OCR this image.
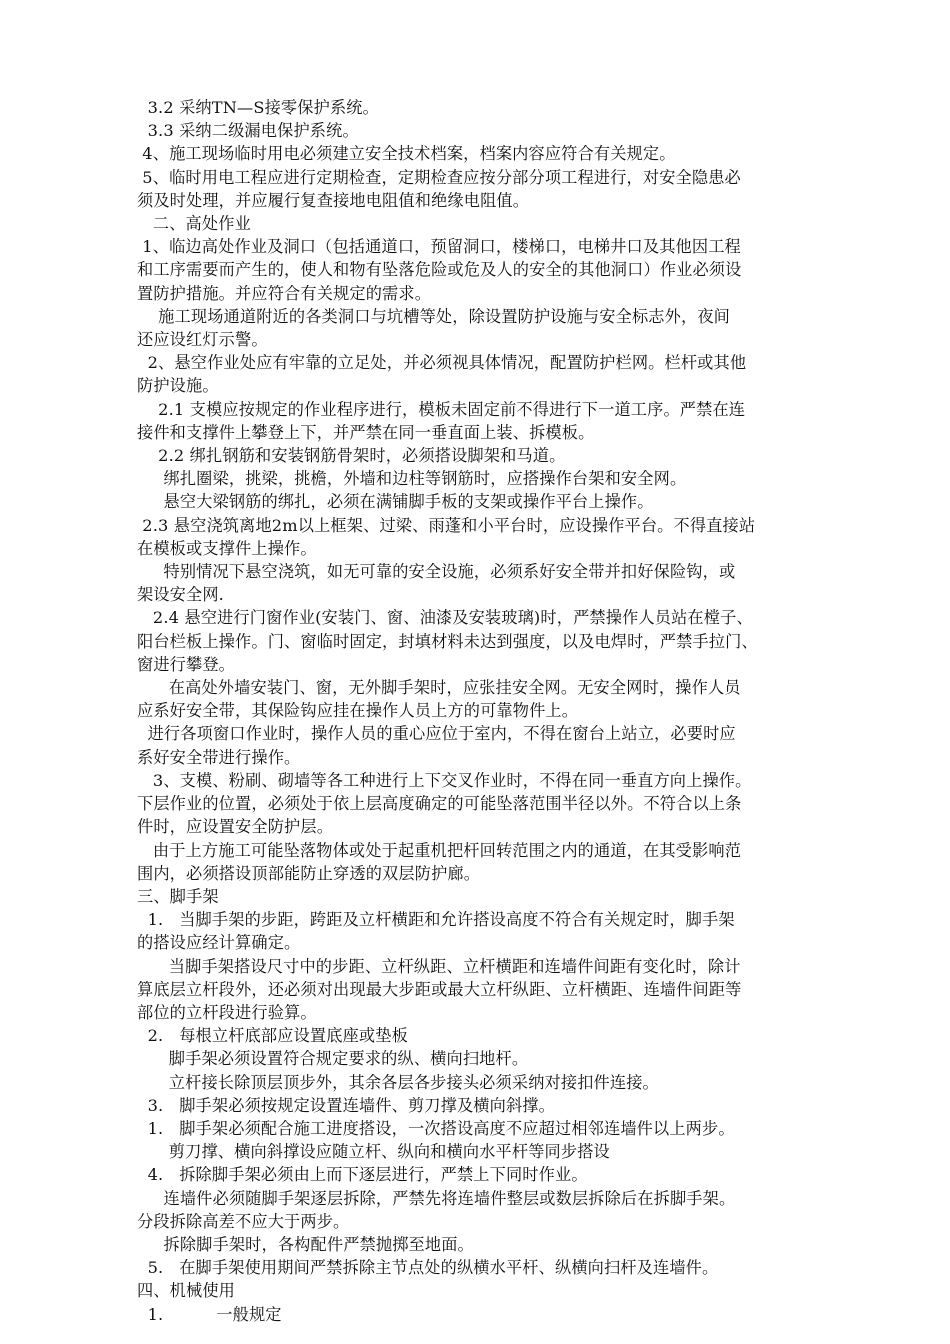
3.2 采纳TN—S接零保护系统。
3.3 采纳二级漏电保护系统。
4、施工现场临时用电必须建立安全技术档案，档案内容应符合有关规定。
5、临时用电工程应进行定期检查，定期检查应按分部分项工程进行，对安全隐患必
须及时处理，并应履行复查接地电阻值和绝缘电阻值。
二、高处作业
1、临边高处作业及洞口（包括通道口，预留洞口，楼梯口，电梯井口及其他因工程
和工序需要而产生的，使人和物有坠落危险或危及人的安全的其他洞口）作业必须设
置防护措施。并应符合有关规定的需求。
施工现场通道附近的各类洞口与坑槽等处，除设置防护设施与安全标志外，夜间
还应设红灯示警。
2、悬空作业处应有牢靠的立足处，并必须视具体情况，配置防护栏网。栏杆或其他
防护设施。
2.1 支模应按规定的作业程序进行，模板未固定前不得进行下一道工序。严禁在连
接件和支撑件上攀登上下，并严禁在同一垂直面上装、拆模板。
2.2 绑扎钢筋和安装钢筋骨架时，必须搭设脚架和马道。
绑扎圈梁，挑梁，挑檐，外墙和边柱等钢筋时，应搭操作台架和安全网。
悬空大梁钢筋的绑扎，必须在满铺脚手板的支架或操作平台上操作。
2.3 悬空浇筑离地2m以上框架、过梁、雨蓬和小平台时，应设操作平台。不得直接站
在模板或支撑件上操作。
特别情况下悬空浇筑，如无可靠的安全设施，必须系好安全带并扣好保险钩，或
架设安全网.
2.4 悬空进行门窗作业(安装门、窗、油漆及安装玻璃)时，严禁操作人员站在樘子、
阳台栏板上操作。门、窗临时固定，封填材料未达到强度，以及电焊时，严禁手拉门、
窗进行攀登。
在高处外墙安装门、窗，无外脚手架时，应张挂安全网。无安全网时，操作人员
应系好安全带，其保险钩应挂在操作人员上方的可靠物件上。
进行各项窗口作业时，操作人员的重心应位于室内，不得在窗台上站立，必要时应
系好安全带进行操作。
3、支模、粉刷、砌墙等各工种进行上下交叉作业时，不得在同一垂直方向上操作。
下层作业的位置，必须处于依上层高度确定的可能坠落范围半径以外。不符合以上条
件时，应设置安全防护层。
由于上方施工可能坠落物体或处于起重机把杆回转范围之内的通道，在其受影响范
围内，必须搭设顶部能防止穿透的双层防护廊。
三、脚手架
1.   当脚手架的步距，跨距及立杆横距和允许搭设高度不符合有关规定时，脚手架
的搭设应经计算确定。
当脚手架搭设尺寸中的步距、立杆纵距、立杆横距和连墙件间距有变化时，除计
算底层立杆段外，还必须对出现最大步距或最大立杆纵距、立杆横距、连墙件间距等
部位的立杆段进行验算。
2.   每根立杆底部应设置底座或垫板
脚手架必须设置符合规定要求的纵、横向扫地杆。
立杆接长除顶层顶步外，其余各层各步接头必须采纳对接扣件连接。
3.   脚手架必须按规定设置连墙件、剪刀撑及横向斜撑。
1.   脚手架必须配合施工进度搭设，一次搭设高度不应超过相邻连墙件以上两步。
剪刀撑、横向斜撑设应随立杆、纵向和横向水平杆等同步搭设
4.   拆除脚手架必须由上而下逐层进行，严禁上下同时作业。
连墙件必须随脚手架逐层拆除，严禁先将连墙件整层或数层拆除后在拆脚手架。
分段拆除高差不应大于两步。
拆除脚手架时，各构配件严禁抛掷至地面。
5.   在脚手架使用期间严禁拆除主节点处的纵横水平杆、纵横向扫杆及连墙件。
四、机械使用
1.          一般规定
